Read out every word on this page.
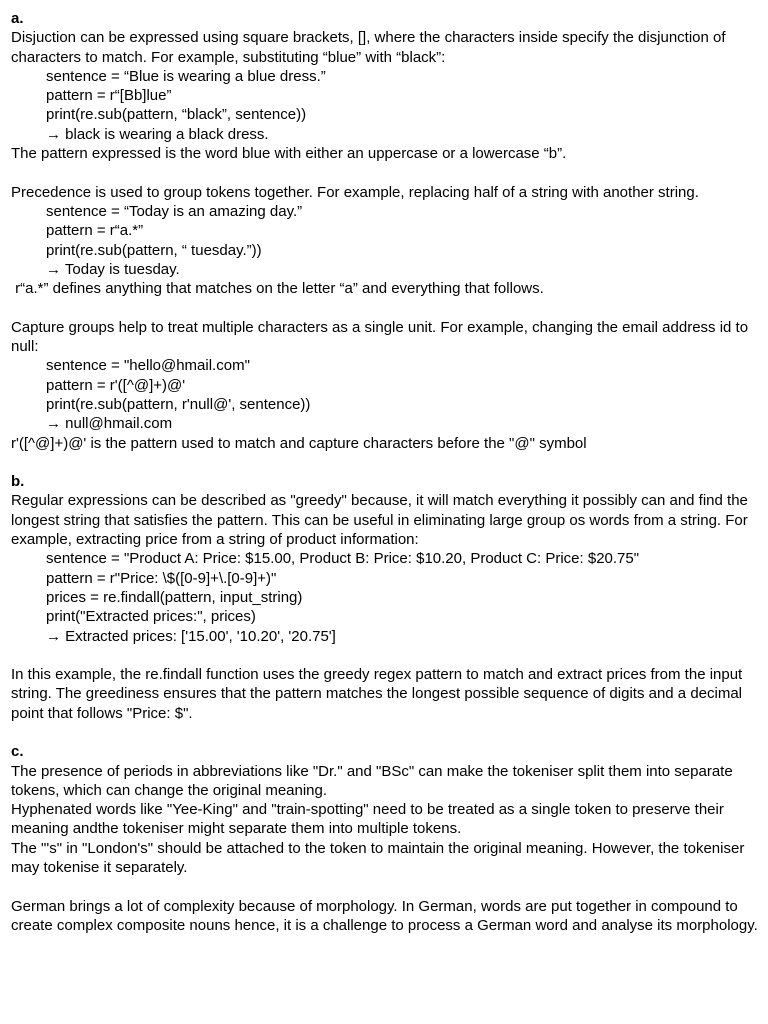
a.
Disjuction can be expressed using square brackets, [], where the characters inside specify the disjunction of characters to match. For example, substituting “blue” with “black”:
sentence = “Blue is wearing a blue dress.”
pattern = r“[Bb]lue”
print(re.sub(pattern, “black”, sentence))
→ black is wearing a black dress.
The pattern expressed is the word blue with either an uppercase or a lowercase “b”.
Precedence is used to group tokens together. For example, replacing half of a string with another string.
sentence = “Today is an amazing day.”
pattern = r“a.*”
print(re.sub(pattern, “ tuesday.”))
→ Today is tuesday.
r“a.*” defines anything that matches on the letter “a” and everything that follows.
Capture groups help to treat multiple characters as a single unit. For example, changing the email address id to null:
sentence = "hello@hmail.com"
pattern = r'([^@]+)@'
print(re.sub(pattern, r'null@', sentence))
→ null@hmail.com
r'([^@]+)@' is the pattern used to match and capture characters before the "@" symbol
b.
Regular expressions can be described as "greedy" because, it will match everything it possibly can and find the longest string that satisfies the pattern. This can be useful in eliminating large group os words from a string. For example, extracting price from a string of product information:
sentence = "Product A: Price: $15.00, Product B: Price: $10.20, Product C: Price: $20.75"
pattern = r"Price: \$([0-9]+\.[0-9]+)"
prices = re.findall(pattern, input_string)
print("Extracted prices:", prices)
→ Extracted prices: ['15.00', '10.20', '20.75']
In this example, the re.findall function uses the greedy regex pattern to match and extract prices from the input string. The greediness ensures that the pattern matches the longest possible sequence of digits and a decimal point that follows "Price: $".
c.
The presence of periods in abbreviations like "Dr." and "BSc" can make the tokeniser split them into separate tokens, which can change the original meaning.
Hyphenated words like "Yee-King" and "train-spotting" need to be treated as a single token to preserve their meaning andthe tokeniser might separate them into multiple tokens.
The "'s" in "London's" should be attached to the token to maintain the original meaning. However, the tokeniser may tokenise it separately.
German brings a lot of complexity because of morphology. In German, words are put together in compound to create complex composite nouns hence, it is a challenge to process a German word and analyse its morphology.
